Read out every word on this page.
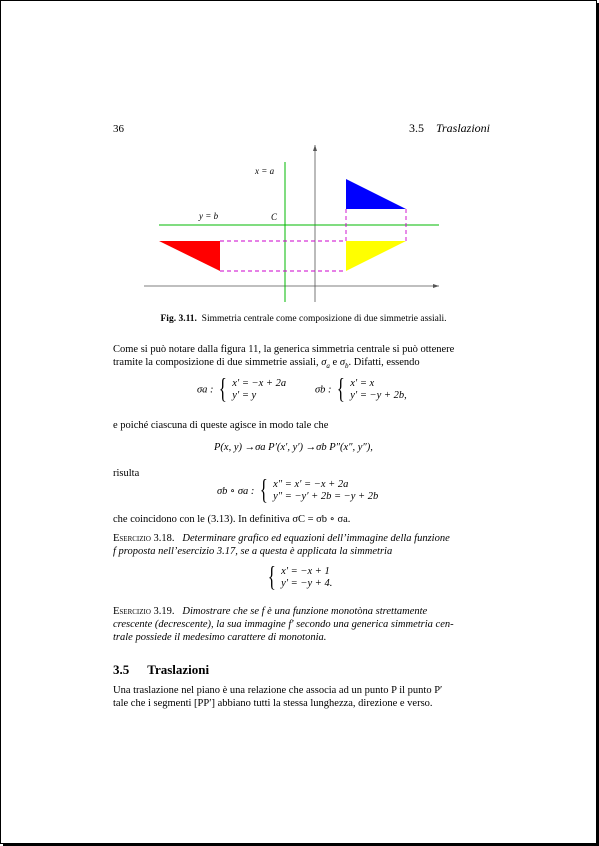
36	3.5 Traslazioni
x = a
y = b	C
Fig. 3.11. Simmetria centrale come composizione di due simmetrie assiali.
Come si può notare dalla figura 11, la generica simmetria centrale si può ottenere
tramite la composizione di due simmetrie assiali, $\sigma_a$ e $\sigma_b$. Difatti, essendo
σa : { x′ = −x + 2a
y′ = y	σb : { x′ = x
y′ = −y + 2b,
e poiché ciascuna di queste agisce in modo tale che
P(x, y) →σa P′(x′, y′) →σb P″(x″, y″),
risulta
σb ∘ σa : { x″ = x′ = −x + 2a
y″ = −y′ + 2b = −y + 2b
che coincidono con le (3.13). In definitiva σC = σb ∘ σa.
Esercizio 3.18. Determinare grafico ed equazioni dell’immagine della funzione
f proposta nell’esercizio 3.17, se a questa è applicata la simmetria
{ x′ = −x + 1
y′ = −y + 4.
Esercizio 3.19. Dimostrare che se f è una funzione monotòna strettamente
crescente (decrescente), la sua immagine f′ secondo una generica simmetria cen-
trale possiede il medesimo carattere di monotonia.
3.5 Traslazioni
Una traslazione nel piano è una relazione che associa ad un punto P il punto P′
tale che i segmenti [PP′] abbiano tutti la stessa lunghezza, direzione e verso.
